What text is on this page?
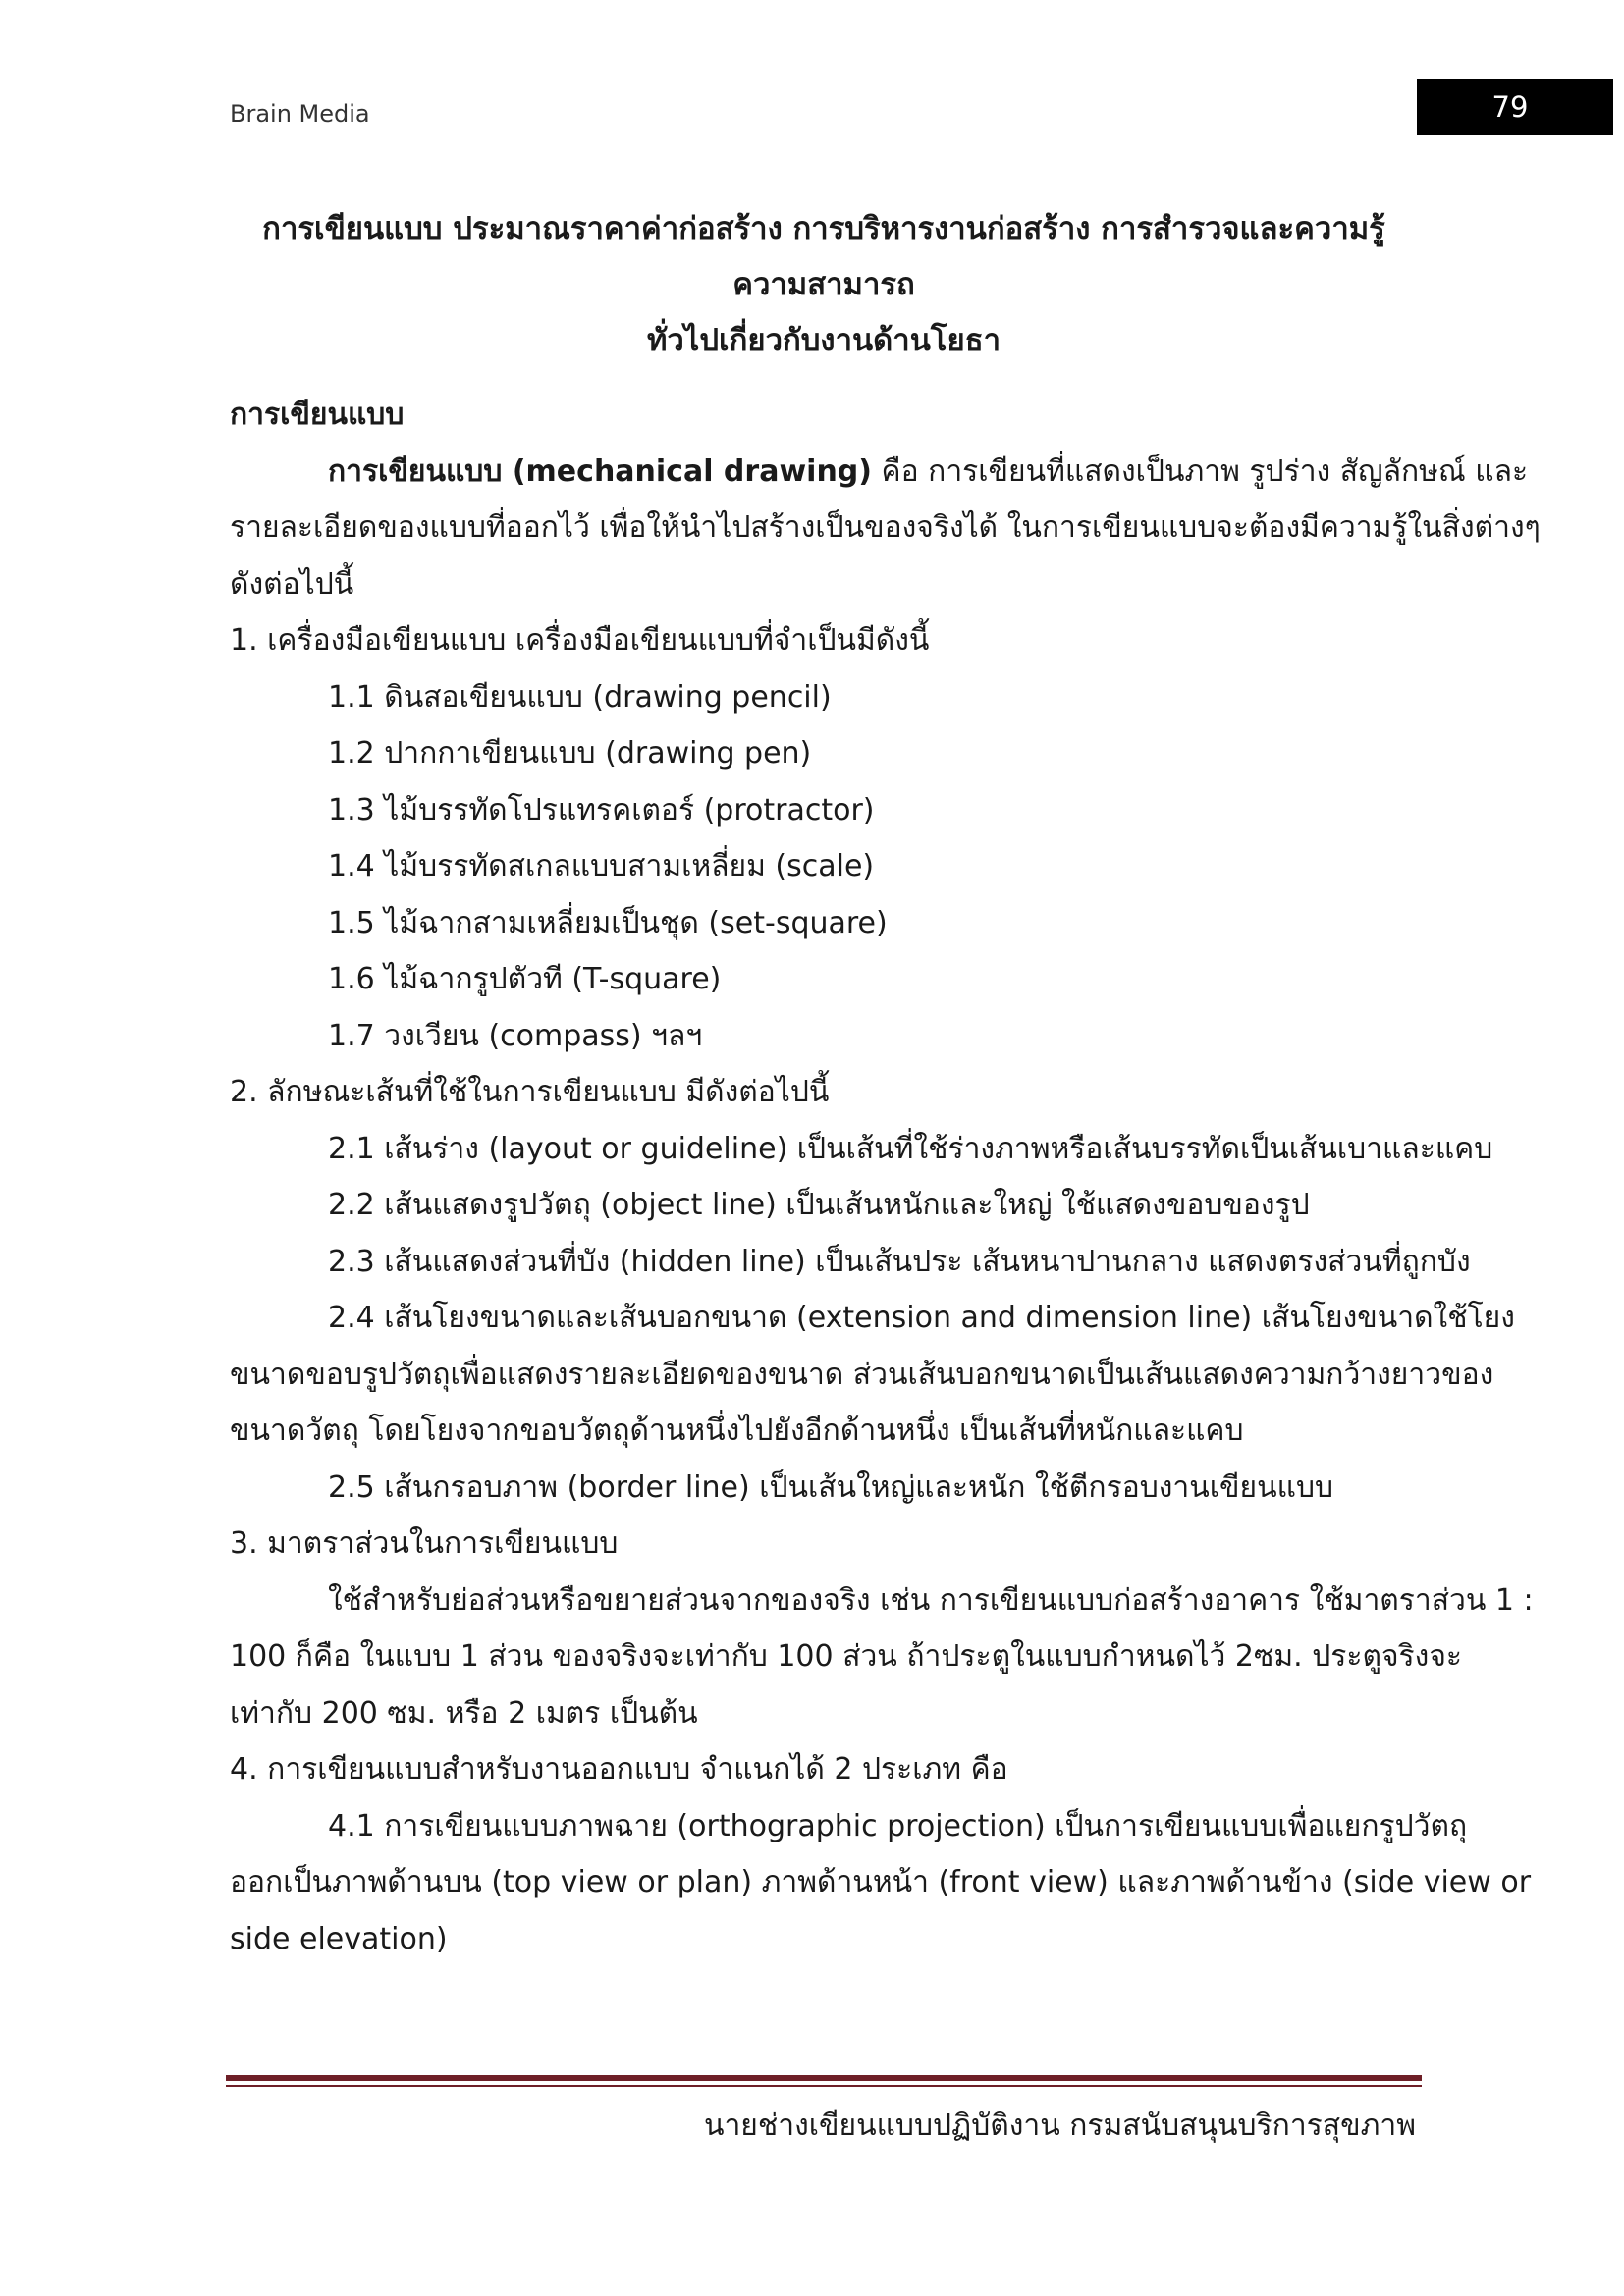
Brain Media	79
การเขียนแบบ ประมาณราคาค่าก่อสร้าง การบริหารงานก่อสร้าง การสำรวจและความรู้ความสามารถ
ทั่วไปเกี่ยวกับงานด้านโยธา
การเขียนแบบ
การเขียนแบบ (mechanical drawing) คือ การเขียนที่แสดงเป็นภาพ รูปร่าง สัญลักษณ์ และ
รายละเอียดของแบบที่ออกไว้ เพื่อให้นำไปสร้างเป็นของจริงได้ ในการเขียนแบบจะต้องมีความรู้ในสิ่งต่างๆ
ดังต่อไปนี้
1. เครื่องมือเขียนแบบ เครื่องมือเขียนแบบที่จำเป็นมีดังนี้
1.1 ดินสอเขียนแบบ (drawing pencil)
1.2 ปากกาเขียนแบบ (drawing pen)
1.3 ไม้บรรทัดโปรแทรคเตอร์ (protractor)
1.4 ไม้บรรทัดสเกลแบบสามเหลี่ยม (scale)
1.5 ไม้ฉากสามเหลี่ยมเป็นชุด (set-square)
1.6 ไม้ฉากรูปตัวที (T-square)
1.7 วงเวียน (compass) ฯลฯ
2. ลักษณะเส้นที่ใช้ในการเขียนแบบ มีดังต่อไปนี้
2.1 เส้นร่าง (layout or guideline) เป็นเส้นที่ใช้ร่างภาพหรือเส้นบรรทัดเป็นเส้นเบาและแคบ
2.2 เส้นแสดงรูปวัตถุ (object line) เป็นเส้นหนักและใหญ่ ใช้แสดงขอบของรูป
2.3 เส้นแสดงส่วนที่บัง (hidden line) เป็นเส้นประ เส้นหนาปานกลาง แสดงตรงส่วนที่ถูกบัง
2.4 เส้นโยงขนาดและเส้นบอกขนาด (extension and dimension line) เส้นโยงขนาดใช้โยง
ขนาดขอบรูปวัตถุเพื่อแสดงรายละเอียดของขนาด ส่วนเส้นบอกขนาดเป็นเส้นแสดงความกว้างยาวของ
ขนาดวัตถุ โดยโยงจากขอบวัตถุด้านหนึ่งไปยังอีกด้านหนึ่ง เป็นเส้นที่หนักและแคบ
2.5 เส้นกรอบภาพ (border line) เป็นเส้นใหญ่และหนัก ใช้ตีกรอบงานเขียนแบบ
3. มาตราส่วนในการเขียนแบบ
ใช้สำหรับย่อส่วนหรือขยายส่วนจากของจริง เช่น การเขียนแบบก่อสร้างอาคาร ใช้มาตราส่วน 1 :
100 ก็คือ ในแบบ 1 ส่วน ของจริงจะเท่ากับ 100 ส่วน ถ้าประตูในแบบกำหนดไว้ 2ซม. ประตูจริงจะ
เท่ากับ 200 ซม. หรือ 2 เมตร เป็นต้น
4. การเขียนแบบสำหรับงานออกแบบ จำแนกได้ 2 ประเภท คือ
4.1 การเขียนแบบภาพฉาย (orthographic projection) เป็นการเขียนแบบเพื่อแยกรูปวัตถุ
ออกเป็นภาพด้านบน (top view or plan) ภาพด้านหน้า (front view) และภาพด้านข้าง (side view or
side elevation)
นายช่างเขียนแบบปฏิบัติงาน กรมสนับสนุนบริการสุขภาพ
